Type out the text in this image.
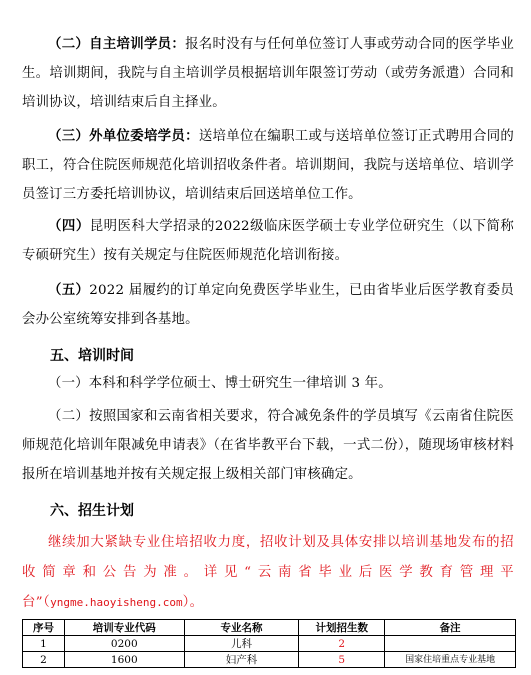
（二）自主培训学员：报名时没有与任何单位签订人事或劳动合同的医学毕业生。培训期间，我院与自主培训学员根据培训年限签订劳动（或劳务派遣）合同和培训协议，培训结束后自主择业。

（三）外单位委培学员：送培单位在编职工或与送培单位签订正式聘用合同的职工，符合住院医师规范化培训招收条件者。培训期间，我院与送培单位、培训学员签订三方委托培训协议，培训结束后回送培单位工作。

（四）昆明医科大学招录的2022级临床医学硕士专业学位研究生（以下简称专硕研究生）按有关规定与住院医师规范化培训衔接。

（五）2022 届履约的订单定向免费医学毕业生，已由省毕业后医学教育委员会办公室统筹安排到各基地。

五、培训时间

（一）本科和科学学位硕士、博士研究生一律培训 3 年。

（二）按照国家和云南省相关要求，符合减免条件的学员填写《云南省住院医师规范化培训年限减免申请表》（在省毕教平台下载，一式二份），随现场审核材料报所在培训基地并按有关规定报上级相关部门审核确定。

六、招生计划

继续加大紧缺专业住培招收力度，招收计划及具体安排以培训基地发布的招收简章和公告为准。详见“云南省毕业后医学教育管理平台”（yngme.haoyisheng.com）。

序号	培训专业代码	专业名称	计划招生数	备注
1	0200	儿科	2	
2	1600	妇产科	5	国家住培重点专业基地
